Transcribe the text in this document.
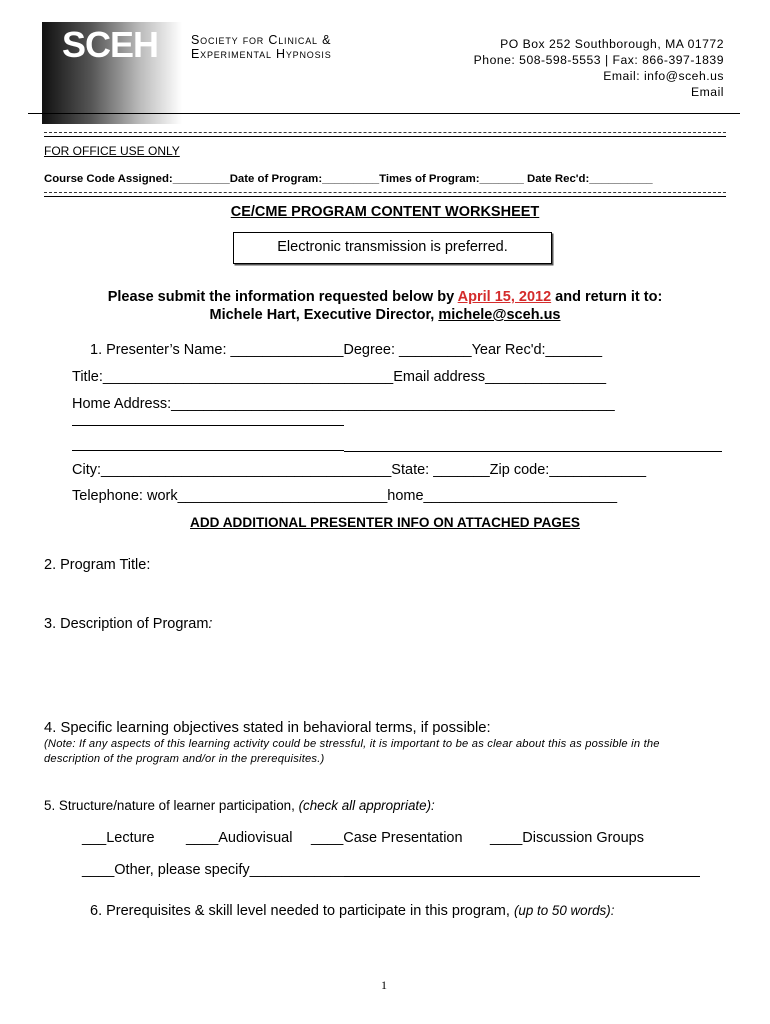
SCEH	Society for Clinical &
Experimental Hypnosis
PO Box 252 Southborough, MA 01772
Phone: 508-598-5553 | Fax: 866-397-1839
Email: info@sceh.us
Email
FOR OFFICE USE ONLY
Course Code Assigned:_________Date of Program:_________Times of Program:_______ Date Rec'd:__________
CE/CME PROGRAM CONTENT WORKSHEET
Electronic transmission is preferred.
Please submit the information requested below by April 15, 2012 and return it to:
Michele Hart, Executive Director, michele@sceh.us
1. Presenter’s Name: ______________Degree: _________Year Rec'd:_______
Title:____________________________________Email address_______________
Home Address:_______________________________________________________
City:____________________________________State: _______Zip code:____________
Telephone: work__________________________home________________________
ADD ADDITIONAL PRESENTER INFO ON ATTACHED PAGES
2. Program Title:
3. Description of Program:
4. Specific learning objectives stated in behavioral terms, if possible:
(Note: If any aspects of this learning activity could be stressful, it is important to be as clear about this as possible in the
description of the program and/or in the prerequisites.)
5. Structure/nature of learner participation, (check all appropriate):
___Lecture ____Audiovisual ____Case Presentation ____Discussion Groups
____Other, please specify_____________
6. Prerequisites & skill level needed to participate in this program, (up to 50 words):
1
